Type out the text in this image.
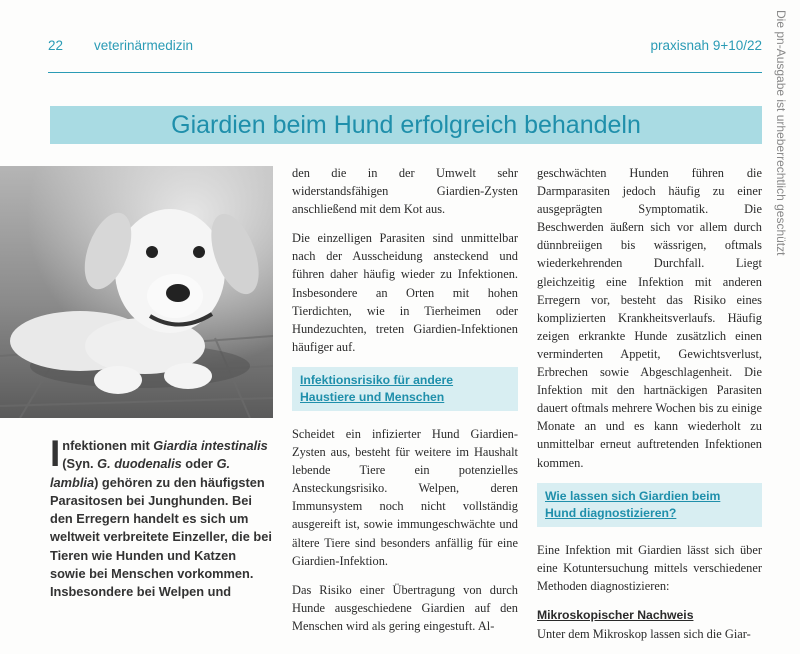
22 veterinärmedizin	praxisnah 9+10/22 Die pn-Ausgabe ist urheberrechtlich geschützt
Giardien beim Hund erfolgreich behandeln
Infektionen mit Giardia intestinalis (Syn. G. duodenalis oder G. lamblia) gehören zu den häufigsten Parasitosen bei Junghunden. Bei den Erregern handelt es sich um weltweit verbreitete Einzeller, die bei Tieren wie Hunden und Katzen sowie bei Menschen vorkommen. Insbesondere bei Welpen und

den die in der Umwelt sehr widerstandsfähigen Giardien-Zysten anschließend mit dem Kot aus.

Die einzelligen Parasiten sind unmittelbar nach der Ausscheidung ansteckend und führen daher häufig wieder zu Infektionen. Insbesondere an Orten mit hohen Tierdichten, wie in Tierheimen oder Hundezuchten, treten Giardien-Infektionen häufiger auf.

Infektionsrisiko für andere
Haustiere und Menschen

Scheidet ein infizierter Hund Giardien-Zysten aus, besteht für weitere im Haushalt lebende Tiere ein potenzielles Ansteckungsrisiko. Welpen, deren Immunsystem noch nicht vollständig ausgereift ist, sowie immungeschwächte und ältere Tiere sind besonders anfällig für eine Giardien-Infektion.

Das Risiko einer Übertragung von durch Hunde ausgeschiedene Giardien auf den Menschen wird als gering eingestuft. Al-

geschwächten Hunden führen die Darmparasiten jedoch häufig zu einer ausgeprägten Symptomatik. Die Beschwerden äußern sich vor allem durch dünnbreiigen bis wässrigen, oftmals wiederkehrenden Durchfall. Liegt gleichzeitig eine Infektion mit anderen Erregern vor, besteht das Risiko eines komplizierten Krankheitsverlaufs. Häufig zeigen erkrankte Hunde zusätzlich einen verminderten Appetit, Gewichtsverlust, Erbrechen sowie Abgeschlagenheit. Die Infektion mit den hartnäckigen Parasiten dauert oftmals mehrere Wochen bis zu einige Monate an und es kann wiederholt zu unmittelbar erneut auftretenden Infektionen kommen.

Wie lassen sich Giardien beim
Hund diagnostizieren?

Eine Infektion mit Giardien lässt sich über eine Kotuntersuchung mittels verschiedener Methoden diagnostizieren:

Mikroskopischer Nachweis

Unter dem Mikroskop lassen sich die Giar-
